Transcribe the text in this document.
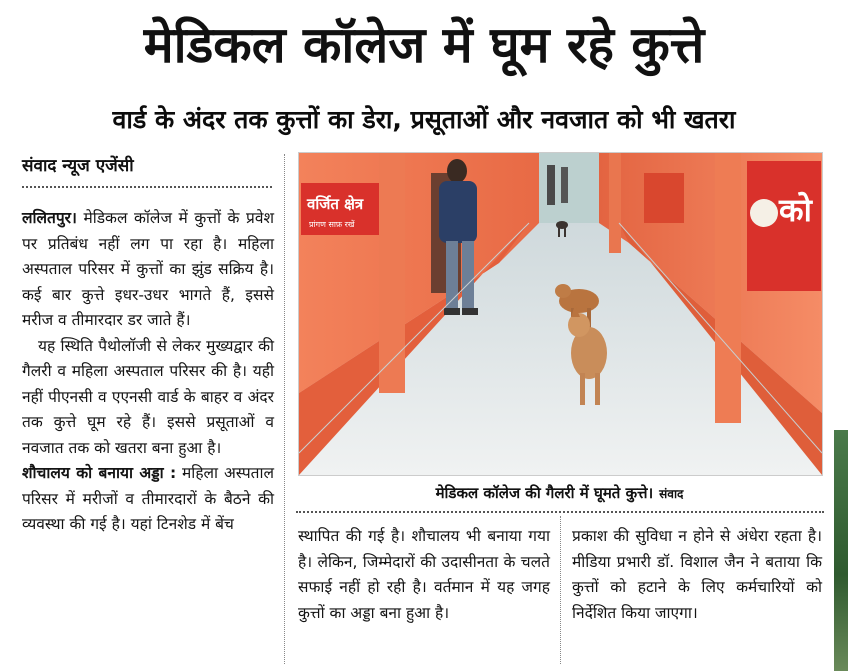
मेडिकल कॉलेज में घूम रहे कुत्ते
वार्ड के अंदर तक कुत्तों का डेरा, प्रसूताओं और नवजात को भी खतरा
संवाद न्यूज एजेंसी

ललितपुर। मेडिकल कॉलेज में कुत्तों के प्रवेश पर प्रतिबंध नहीं लग पा रहा है। महिला अस्पताल परिसर में कुत्तों का झुंड सक्रिय है। कई बार कुत्ते इधर-उधर भागते हैं, इससे मरीज व तीमारदार डर जाते हैं।

यह स्थिति पैथोलॉजी से लेकर मुख्यद्वार की गैलरी व महिला अस्पताल परिसर की है। यही नहीं पीएनसी व एएनसी वार्ड के बाहर व अंदर तक कुत्ते घूम रहे हैं। इससे प्रसूताओं व नवजात तक को खतरा बना हुआ है।

शौचालय को बनाया अड्डा : महिला अस्पताल परिसर में मरीजों व तीमारदारों के बैठने की व्यवस्था की गई है। यहां टिनशेड में बेंच

वर्जित क्षेत्र
प्रांगण साफ़ रखें	को
मेडिकल कॉलेज की गैलरी में घूमते कुत्ते। संवाद

स्थापित की गई है। शौचालय भी बनाया गया है। लेकिन, जिम्मेदारों की उदासीनता के चलते सफाई नहीं हो रही है। वर्तमान में यह जगह कुत्तों का अड्डा बना हुआ है।

प्रकाश की सुविधा न होने से अंधेरा रहता है। मीडिया प्रभारी डॉ. विशाल जैन ने बताया कि कुत्तों को हटाने के लिए कर्मचारियों को निर्देशित किया जाएगा।
